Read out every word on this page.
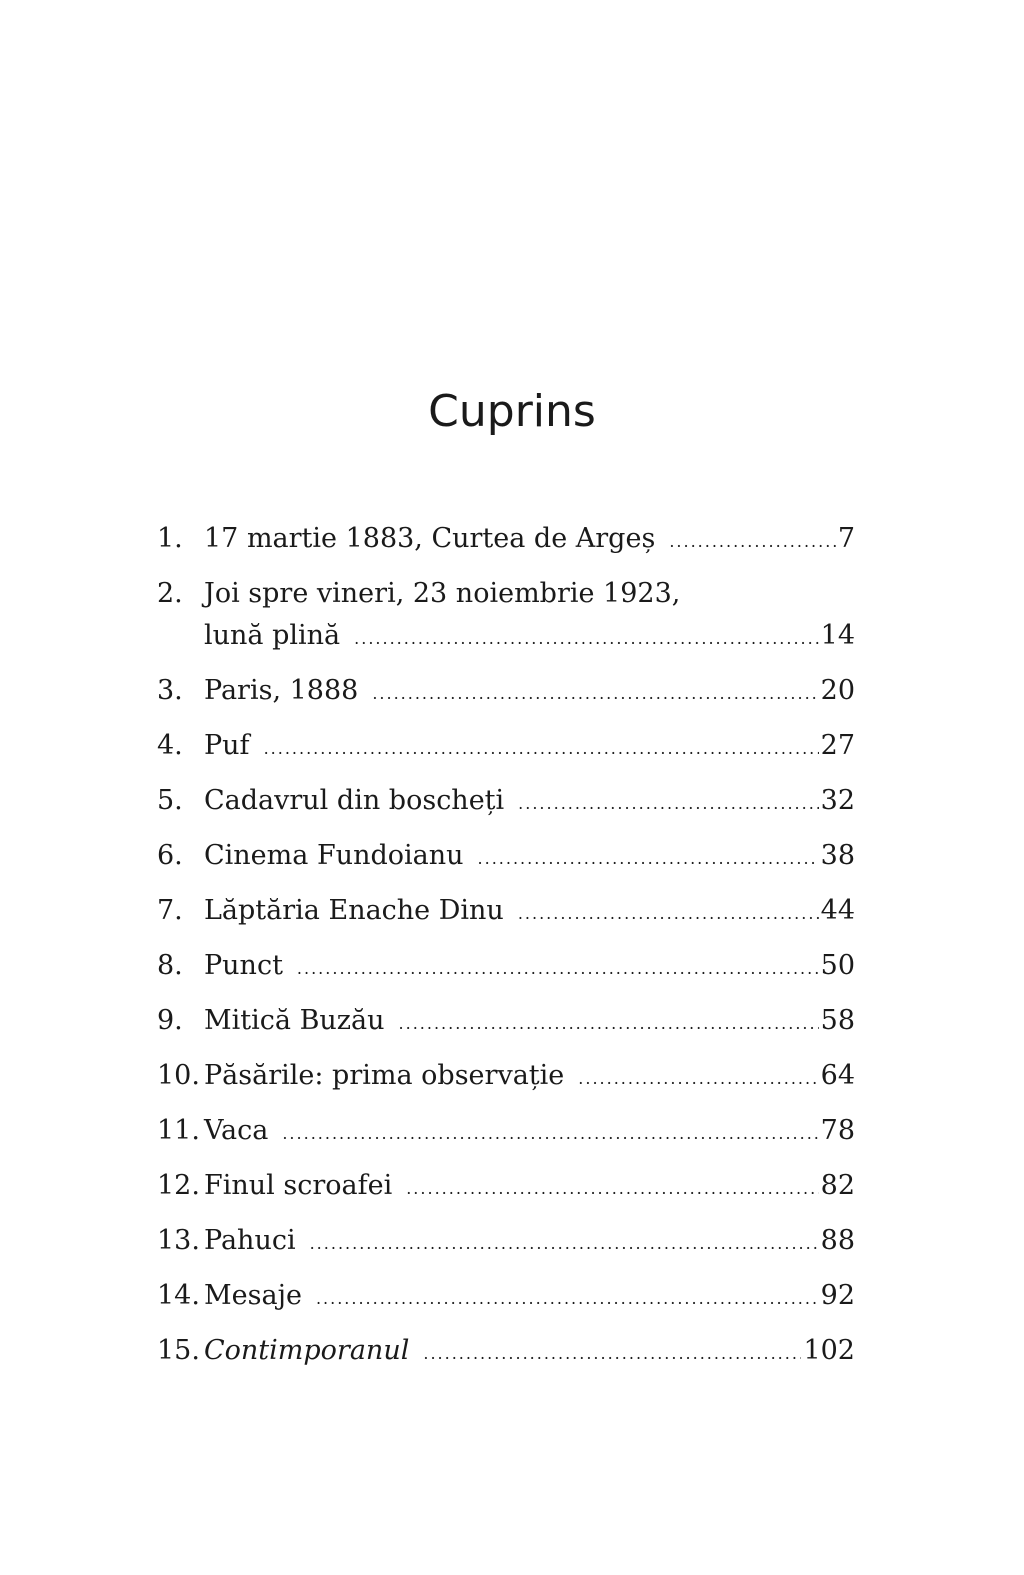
Cuprins
1. 17 martie 1883, Curtea de Argeș .....	7
2. Joi spre vineri, 23 noiembrie 1923,
lună plină .....	14
3. Paris, 1888 .....	20
4. Puf .....	27
5. Cadavrul din boscheți .....	32
6. Cinema Fundoianu .....	38
7. Lăptăria Enache Dinu .....	44
8. Punct .....	50
9. Mitică Buzău .....	58
10. Păsările: prima observație .....	64
11. Vaca .....	78
12. Finul scroafei .....	82
13. Pahuci .....	88
14. Mesaje .....	92
15. Contimporanul .....	102
